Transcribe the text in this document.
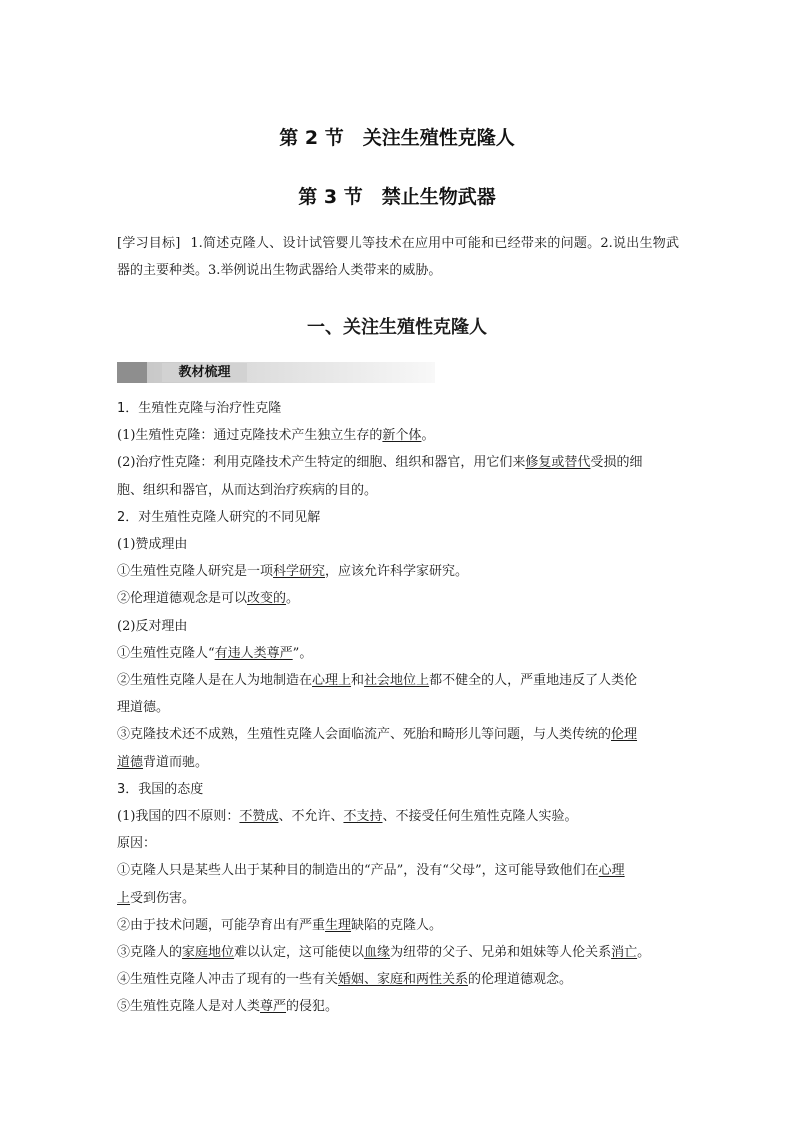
第 2 节　关注生殖性克隆人
第 3 节　禁止生物武器
[学习目标] 1.简述克隆人、设计试管婴儿等技术在应用中可能和已经带来的问题。2.说出生物武器的主要种类。3.举例说出生物武器给人类带来的威胁。
一、关注生殖性克隆人
教材梳理
1．生殖性克隆与治疗性克隆
(1)生殖性克隆：通过克隆技术产生独立生存的新个体。
(2)治疗性克隆：利用克隆技术产生特定的细胞、组织和器官，用它们来修复或替代受损的细
胞、组织和器官，从而达到治疗疾病的目的。
2．对生殖性克隆人研究的不同见解
(1)赞成理由
①生殖性克隆人研究是一项科学研究，应该允许科学家研究。
②伦理道德观念是可以改变的。
(2)反对理由
①生殖性克隆人“有违人类尊严”。
②生殖性克隆人是在人为地制造在心理上和社会地位上都不健全的人，严重地违反了人类伦
理道德。
③克隆技术还不成熟，生殖性克隆人会面临流产、死胎和畸形儿等问题，与人类传统的伦理
道德背道而驰。
3．我国的态度
(1)我国的四不原则：不赞成、不允许、不支持、不接受任何生殖性克隆人实验。
原因：
①克隆人只是某些人出于某种目的制造出的“产品”，没有“父母”，这可能导致他们在心理
上受到伤害。
②由于技术问题，可能孕育出有严重生理缺陷的克隆人。
③克隆人的家庭地位难以认定，这可能使以血缘为纽带的父子、兄弟和姐妹等人伦关系消亡。
④生殖性克隆人冲击了现有的一些有关婚姻、家庭和两性关系的伦理道德观念。
⑤生殖性克隆人是对人类尊严的侵犯。
